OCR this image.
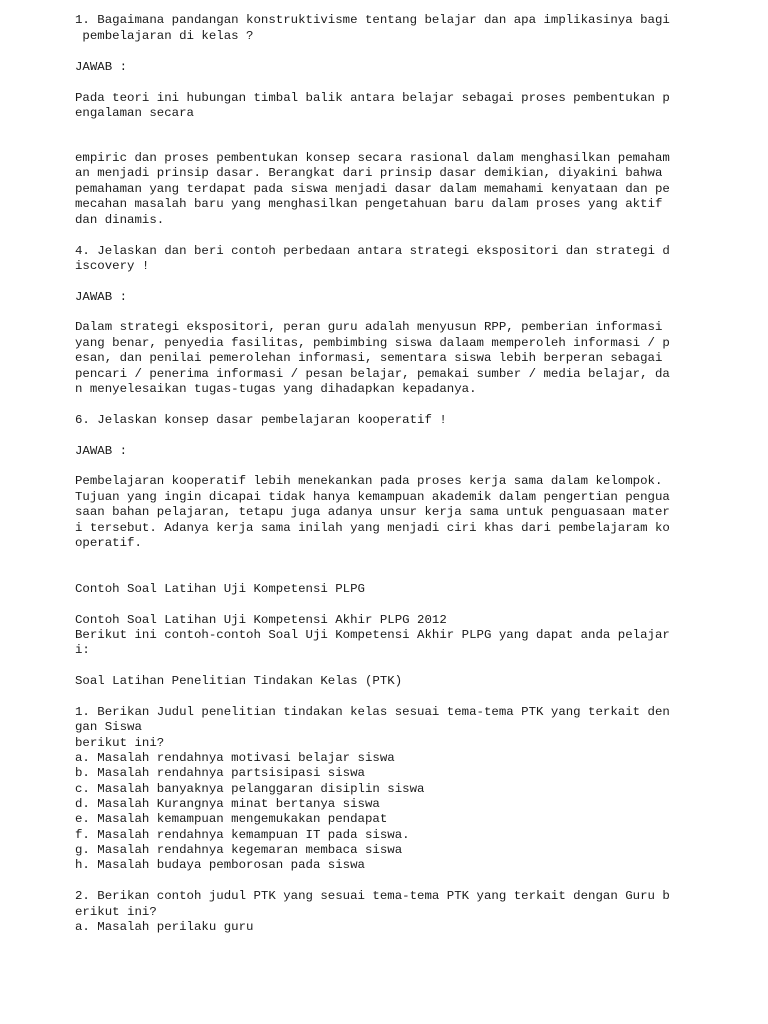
1. Bagaimana pandangan konstruktivisme tentang belajar dan apa implikasinya bagi
pembelajaran di kelas ?
JAWAB :
Pada teori ini hubungan timbal balik antara belajar sebagai proses pembentukan p
engalaman secara
empiric dan proses pembentukan konsep secara rasional dalam menghasilkan pemaham
an menjadi prinsip dasar. Berangkat dari prinsip dasar demikian, diyakini bahwa
pemahaman yang terdapat pada siswa menjadi dasar dalam memahami kenyataan dan pe
mecahan masalah baru yang menghasilkan pengetahuan baru dalam proses yang aktif
dan dinamis.
4. Jelaskan dan beri contoh perbedaan antara strategi ekspositori dan strategi d
iscovery !
JAWAB :
Dalam strategi ekspositori, peran guru adalah menyusun RPP, pemberian informasi
yang benar, penyedia fasilitas, pembimbing siswa dalaam memperoleh informasi / p
esan, dan penilai pemerolehan informasi, sementara siswa lebih berperan sebagai
pencari / penerima informasi / pesan belajar, pemakai sumber / media belajar, da
n menyelesaikan tugas-tugas yang dihadapkan kepadanya.
6. Jelaskan konsep dasar pembelajaran kooperatif !
JAWAB :
Pembelajaran kooperatif lebih menekankan pada proses kerja sama dalam kelompok.
Tujuan yang ingin dicapai tidak hanya kemampuan akademik dalam pengertian pengua
saan bahan pelajaran, tetapu juga adanya unsur kerja sama untuk penguasaan mater
i tersebut. Adanya kerja sama inilah yang menjadi ciri khas dari pembelajaram ko
operatif.
Contoh Soal Latihan Uji Kompetensi PLPG
Contoh Soal Latihan Uji Kompetensi Akhir PLPG 2012
Berikut ini contoh-contoh Soal Uji Kompetensi Akhir PLPG yang dapat anda pelajar
i:
Soal Latihan Penelitian Tindakan Kelas (PTK)
1. Berikan Judul penelitian tindakan kelas sesuai tema-tema PTK yang terkait den
gan Siswa
berikut ini?
a. Masalah rendahnya motivasi belajar siswa
b. Masalah rendahnya partsisipasi siswa
c. Masalah banyaknya pelanggaran disiplin siswa
d. Masalah Kurangnya minat bertanya siswa
e. Masalah kemampuan mengemukakan pendapat
f. Masalah rendahnya kemampuan IT pada siswa.
g. Masalah rendahnya kegemaran membaca siswa
h. Masalah budaya pemborosan pada siswa
2. Berikan contoh judul PTK yang sesuai tema-tema PTK yang terkait dengan Guru b
erikut ini?
a. Masalah perilaku guru
